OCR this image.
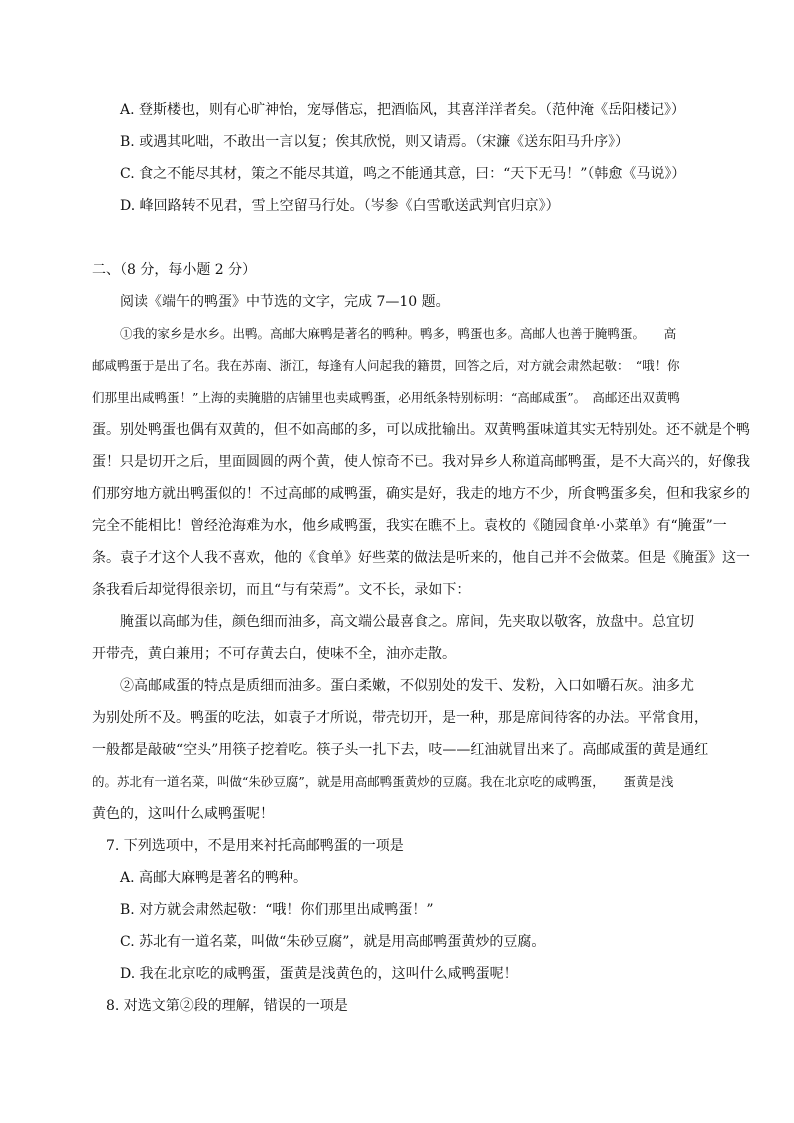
A. 登斯楼也，则有心旷神怡，宠辱偕忘，把酒临风，其喜洋洋者矣。（范仲淹《岳阳楼记》）
B. 或遇其叱咄，不敢出一言以复；俟其欣悦，则又请焉。（宋濂《送东阳马升序》）
C. 食之不能尽其材，策之不能尽其道，鸣之不能通其意，曰：“天下无马！”（韩愈《马说》）
D. 峰回路转不见君，雪上空留马行处。（岑参《白雪歌送武判官归京》）
二、（8 分，每小题 2 分）
阅读《端午的鸭蛋》中节选的文字，完成 7—10 题。
①我的家乡是水乡。出鸭。高邮大麻鸭是著名的鸭种。鸭多，鸭蛋也多。高邮人也善于腌鸭蛋。　　高
邮咸鸭蛋于是出了名。我在苏南、浙江，每逢有人问起我的籍贯，回答之后，对方就会肃然起敬：　“哦！你
们那里出咸鸭蛋！”上海的卖腌腊的店铺里也卖咸鸭蛋，必用纸条特别标明：“高邮咸蛋”。　高邮还出双黄鸭
蛋。别处鸭蛋也偶有双黄的，但不如高邮的多，可以成批输出。双黄鸭蛋味道其实无特别处。还不就是个鸭
蛋！只是切开之后，里面圆圆的两个黄，使人惊奇不已。我对异乡人称道高邮鸭蛋，是不大高兴的，好像我
们那穷地方就出鸭蛋似的！不过高邮的咸鸭蛋，确实是好，我走的地方不少，所食鸭蛋多矣，但和我家乡的
完全不能相比！曾经沧海难为水，他乡咸鸭蛋，我实在瞧不上。袁枚的《随园食单·小菜单》有“腌蛋”一
条。袁子才这个人我不喜欢，他的《食单》好些菜的做法是听来的，他自己并不会做菜。但是《腌蛋》这一
条我看后却觉得很亲切，而且“与有荣焉”。文不长，录如下：
腌蛋以高邮为佳，颜色细而油多，高文端公最喜食之。席间，先夹取以敬客，放盘中。总宜切
开带壳，黄白兼用；不可存黄去白，使味不全，油亦走散。
②高邮咸蛋的特点是质细而油多。蛋白柔嫩，不似别处的发干、发粉，入口如嚼石灰。油多尤
为别处所不及。鸭蛋的吃法，如袁子才所说，带壳切开，是一种，那是席间待客的办法。平常食用，
一般都是敲破“空头”用筷子挖着吃。筷子头一扎下去，吱——红油就冒出来了。高邮咸蛋的黄是通红
的。苏北有一道名菜，叫做“朱砂豆腐”，就是用高邮鸭蛋黄炒的豆腐。我在北京吃的咸鸭蛋，　　蛋黄是浅
黄色的，这叫什么咸鸭蛋呢！
7. 下列选项中，不是用来衬托高邮鸭蛋的一项是
A. 高邮大麻鸭是著名的鸭种。
B. 对方就会肃然起敬：“哦！你们那里出咸鸭蛋！”
C. 苏北有一道名菜，叫做“朱砂豆腐”，就是用高邮鸭蛋黄炒的豆腐。
D. 我在北京吃的咸鸭蛋，蛋黄是浅黄色的，这叫什么咸鸭蛋呢！
8. 对选文第②段的理解，错误的一项是
